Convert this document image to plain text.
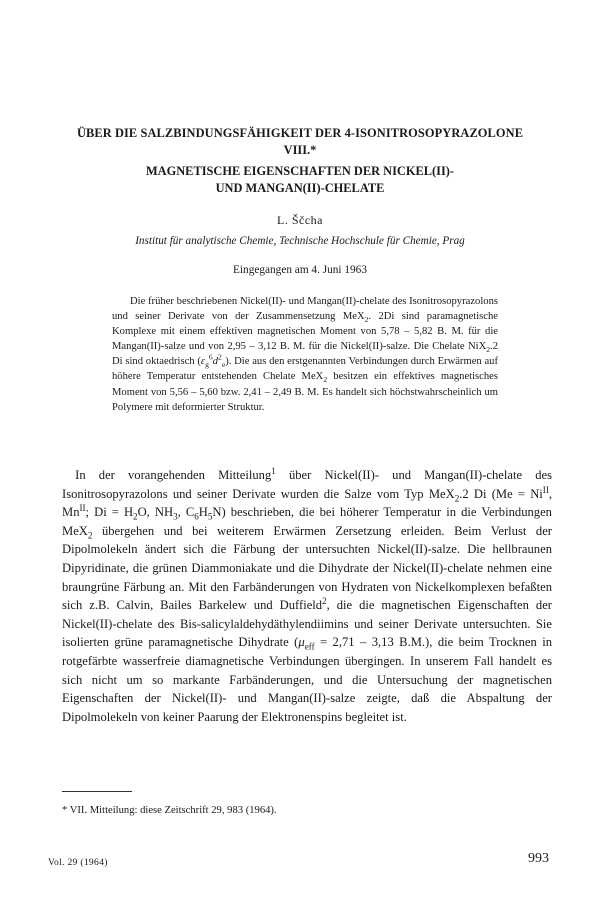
ÜBER DIE SALZBINDUNGSFÄHIGKEIT DER 4-ISONITROSOPYRAZOLONE
VIII.*
MAGNETISCHE EIGENSCHAFTEN DER NICKEL(II)-
UND MANGAN(II)-CHELATE
L. Ščcha
Institut für analytische Chemie, Technische Hochschule für Chemie, Prag
Eingegangen am 4. Juni 1963
Die früher beschriebenen Nickel(II)- und Mangan(II)-chelate des Isonitrosopyrazolons und seiner Derivate von der Zusammensetzung MeX$_2$. 2Di sind paramagnetische Komplexe mit einem effektiven magnetischen Moment von 5,78 – 5,82 B. M. für die Mangan(II)-salze und von 2,95 – 3,12 B. M. für die Nickel(II)-salze. Die Chelate NiX$_2$.2 Di sind oktaedrisch $(ɛ_g^6d^2_e)$. Die aus den erstgenannten Verbindungen durch Erwärmen auf höhere Temperatur entstehenden Chelate MeX$_2$ besitzen ein effektives magnetisches Moment von 5,56 – 5,60 bzw. 2,41 – 2,49 B. M. Es handelt sich höchstwahrscheinlich um Polymere mit deformierter Struktur.
In der vorangehenden Mitteilung$^1$ über Nickel(II)- und Mangan(II)-chelate des Isonitrosopyrazolons und seiner Derivate wurden die Salze vom Typ MeX$_2$.2 Di ($Me = Ni^{II}$, $Mn^{II}$; $Di = H_2O$, $NH_3$, $C_6H_5N$) beschrieben, die bei höherer Temperatur in die Verbindungen MeX$_2$ übergehen und bei weiterem Erwärmen Zersetzung erleiden. Beim Verlust der Dipolmolekeln ändert sich die Färbung der untersuchten Nickel(II)-salze. Die hellbraunen Dipyridinate, die grünen Diammoniakate und die Dihydrate der Nickel(II)-chelate nehmen eine braungrüne Färbung an. Mit den Farbänderungen von Hydraten von Nickelkomplexen befaßten sich z.B. Calvin, Bailes Barkelew und Duffield$^2$, die die magnetischen Eigenschaften der Nickel(II)-chelate des Bis-salicylaldehydäthylendiimins und seiner Derivate untersuchten. Sie isolierten grüne paramagnetische Dihydrate ($\mu_{eff} = 2,71 - 3,13$ B.M.), die beim Trocknen in rotgefärbte wasserfreie diamagnetische Verbindungen übergingen. In unserem Fall handelt es sich nicht um so markante Farbänderungen, und die Untersuchung der magnetischen Eigenschaften der Nickel(II)- und Mangan(II)-salze zeigte, daß die Abspaltung der Dipolmolekeln von keiner Paarung der Elektronenspins begleitet ist.
* VII. Mitteilung: diese Zeitschrift 29, 983 (1964).
Vol. 29 (1964)	993
